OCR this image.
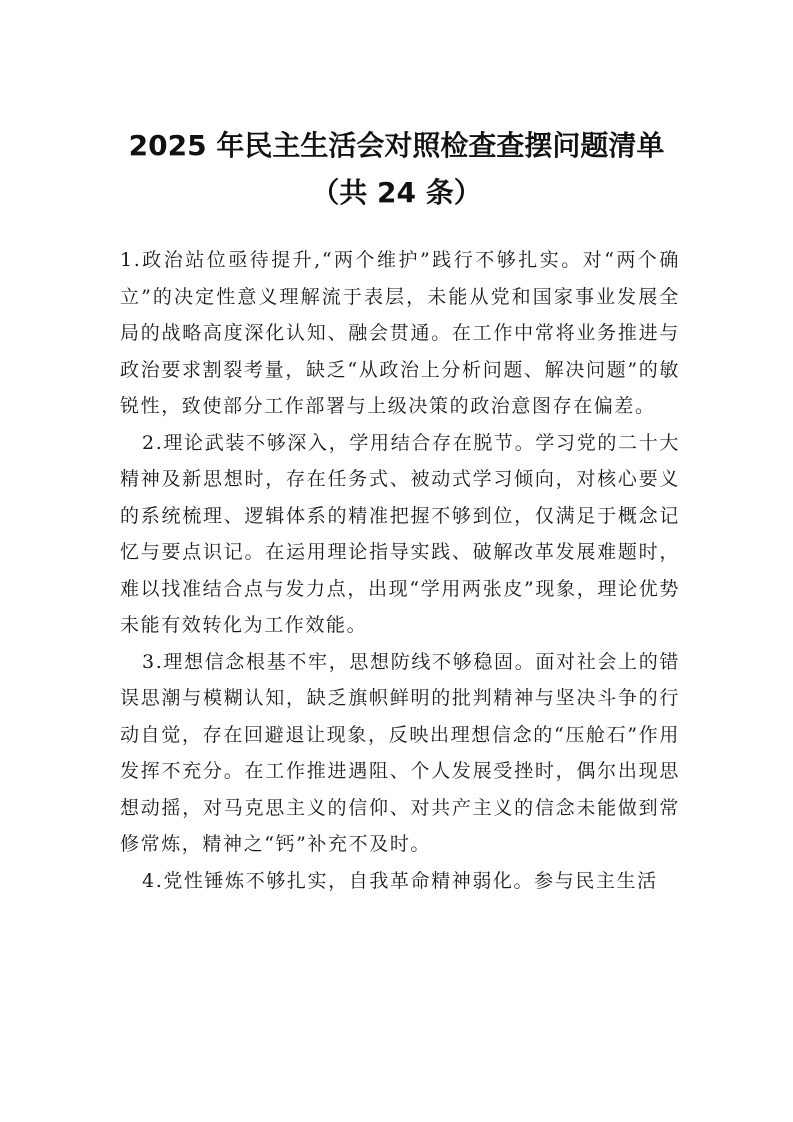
2025 年民主生活会对照检查查摆问题清单
（共 24 条）

1.政治站位亟待提升,“两个维护”践行不够扎实。对“两个确立”的决定性意义理解流于表层，未能从党和国家事业发展全局的战略高度深化认知、融会贯通。在工作中常将业务推进与政治要求割裂考量，缺乏“从政治上分析问题、解决问题”的敏锐性，致使部分工作部署与上级决策的政治意图存在偏差。

2.理论武装不够深入，学用结合存在脱节。学习党的二十大精神及新思想时，存在任务式、被动式学习倾向，对核心要义的系统梳理、逻辑体系的精准把握不够到位，仅满足于概念记忆与要点识记。在运用理论指导实践、破解改革发展难题时，难以找准结合点与发力点，出现“学用两张皮”现象，理论优势未能有效转化为工作效能。

3.理想信念根基不牢，思想防线不够稳固。面对社会上的错误思潮与模糊认知，缺乏旗帜鲜明的批判精神与坚决斗争的行动自觉，存在回避退让现象，反映出理想信念的“压舱石”作用发挥不充分。在工作推进遇阻、个人发展受挫时，偶尔出现思想动摇，对马克思主义的信仰、对共产主义的信念未能做到常修常炼，精神之“钙”补充不及时。

4.党性锤炼不够扎实，自我革命精神弱化。参与民主生活
